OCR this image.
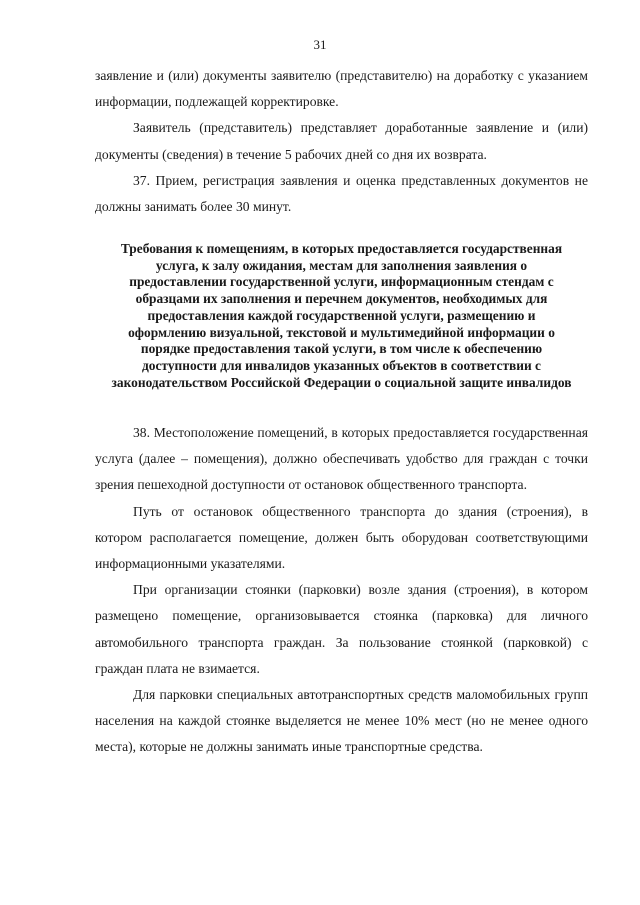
31

заявление и (или) документы заявителю (представителю) на доработку с указанием информации, подлежащей корректировке.

Заявитель (представитель) представляет доработанные заявление и (или) документы (сведения) в течение 5 рабочих дней со дня их возврата.

37. Прием, регистрация заявления и оценка представленных документов не должны занимать более 30 минут.

Требования к помещениям, в которых предоставляется государственная услуга, к залу ожидания, местам для заполнения заявления о предоставлении государственной услуги, информационным стендам с образцами их заполнения и перечнем документов, необходимых для предоставления каждой государственной услуги, размещению и оформлению визуальной, текстовой и мультимедийной информации о порядке предоставления такой услуги, в том числе к обеспечению доступности для инвалидов указанных объектов в соответствии с законодательством Российской Федерации о социальной защите инвалидов

38. Местоположение помещений, в которых предоставляется государственная услуга (далее – помещения), должно обеспечивать удобство для граждан с точки зрения пешеходной доступности от остановок общественного транспорта.

Путь от остановок общественного транспорта до здания (строения), в котором располагается помещение, должен быть оборудован соответствующими информационными указателями.

При организации стоянки (парковки) возле здания (строения), в котором размещено помещение, организовывается стоянка (парковка) для личного автомобильного транспорта граждан. За пользование стоянкой (парковкой) с граждан плата не взимается.

Для парковки специальных автотранспортных средств маломобильных групп населения на каждой стоянке выделяется не менее 10% мест (но не менее одного места), которые не должны занимать иные транспортные средства.
